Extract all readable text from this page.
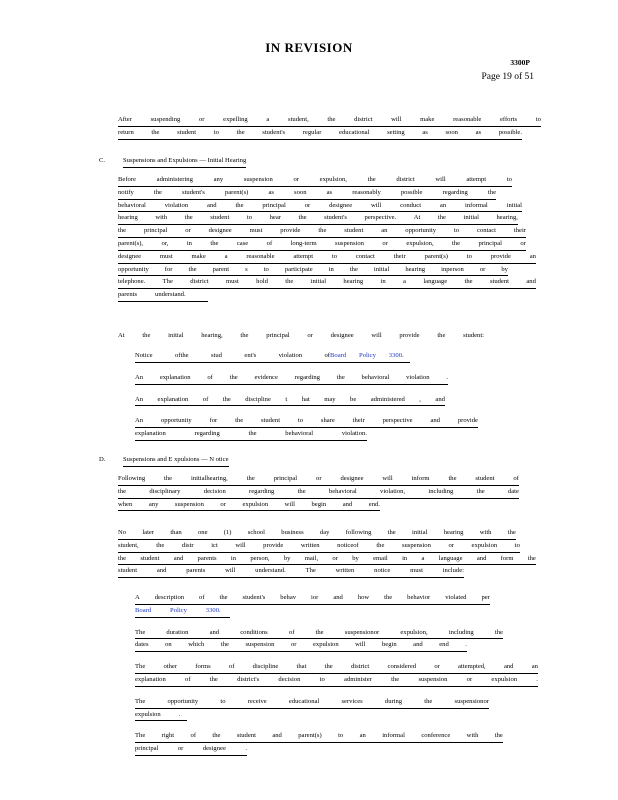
IN REVISION
3300P
Page 19 of 51
After	suspending	or	expelling	a	student,	the	district	will	make	reasonable	efforts	to
return	the	student	to	the	student's	regular	educational	setting	as	soon	as	possible.
C.	Suspensions and Expulsions — Initial Hearing
Before	administering	any	suspension	or	expulsion,	the	district	will	attempt	to
notify	the	student's	parent(s)	as	soon	as	reasonably	possible	regarding	the
behavioral	violation	and	the	principal	or	designee	will	conduct	an	informal	initial
hearing	with	the	student	to	hear	the	student's	perspective.	At	the	initial	hearing,
the	principal	or	designee	must	provide	the	student	an	opportunity	to	contact	their
parent(s),	or,	in	the	case	of	long-term	suspension	or	expulsion,	the	principal	or
designee	must	make	a	reasonable	attempt	to	contact	their	parent(s)	to	provide	an
opportunity for the parent s to participate in the initial hearing inperson or by
telephone.	The	district	must	hold	the	initial	hearing	in	a	language	the	student	and
parents	understand.
At	the	initial	hearing,	the	principal	or	designee	will	provide	the	student:
Notice ofthe stud ent's violation of Board Policy 3300 .
An	explanation	of	the	evidence	regarding	the	behavioral	violation	.
An explanation of the discipline t hat may be administered , and
An	opportunity	for	the	student	to	share	their	perspective	and	provide
explanation	regarding	the	behavioral	violation.
D.	Suspensions and E xpulsions — N otice
Following	the	initialhearing,	the	principal	or	designee	will	inform	the	student	of
the	disciplinary	decision	regarding	the	behavioral	violation,	including	the	date
when	any	suspension	or	expulsion	will	begin	and	end.
No later than one (1) school business day following the initial hearing with the
student,	the	distr	ict	will	provide	written	noticeof	the	suspension	or	expulsion	to
the student and parents in person, by mail, or by email in a language and form the
student	and	parents	will	understand.	The	written	notice	must	include:
A description of the student's behav ior and how the behavior violated per
Board Policy 3300 .
The	duration	and	conditions	of	the	suspensionor	expulsion,	including	the
dates	on	which	the	suspension	or	expulsion	will	begin	and	end	.
The	other	forms	of	discipline	that	the	district	considered	or	attempted,	and	an
explanation	of	the	district's	decision	to	administer	the	suspension	or	expulsion	.
The	opportunity	to	receive	educational	services	during	the	suspensionor
expulsion	.
The right of the student and parent(s) to an informal conference with the
principal	or	designee	.
